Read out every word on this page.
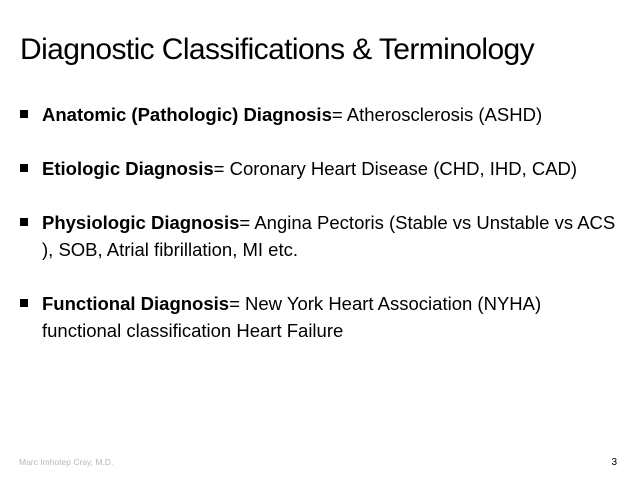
Diagnostic Classifications & Terminology
Anatomic (Pathologic) Diagnosis= Atherosclerosis (ASHD)
Etiologic Diagnosis= Coronary Heart Disease (CHD, IHD, CAD)
Physiologic Diagnosis= Angina Pectoris (Stable vs Unstable vs ACS ), SOB, Atrial fibrillation, MI etc.
Functional Diagnosis= New York Heart Association (NYHA) functional classification Heart Failure
Marc Imhotep Cray, M.D.	3
